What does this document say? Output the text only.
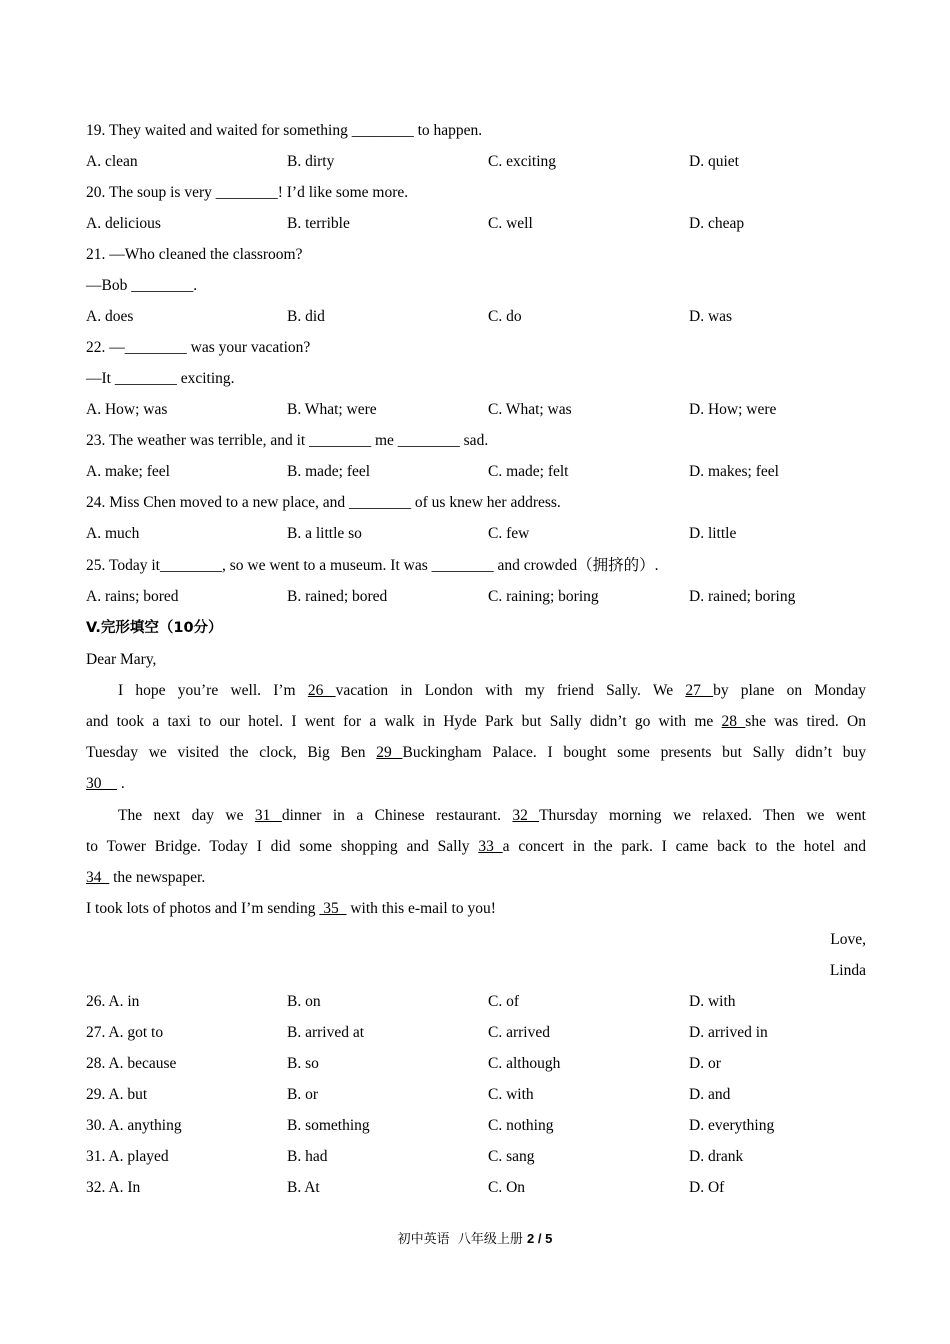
19. They waited and waited for something ________ to happen.
A. clean	B. dirty	C. exciting	D. quiet
20. The soup is very ________! I’d like some more.
A. delicious	B. terrible	C. well	D. cheap
21. —Who cleaned the classroom?
—Bob ________.
A. does	B. did	C. do	D. was
22. —________ was your vacation?
—It ________ exciting.
A. How; was	B. What; were	C. What; was	D. How; were
23. The weather was terrible, and it ________ me ________ sad.
A. make; feel	B. made; feel	C. made; felt	D. makes; feel
24. Miss Chen moved to a new place, and ________ of us knew her address.
A. much	B. a little so	C. few	D. little
25. Today it________, so we went to a museum. It was ________ and crowded（拥挤的）.
A. rains; bored	B. rained; bored	C. raining; boring	D. rained; boring
V.完形填空（10分）
Dear Mary,
I hope you’re well. I’m 26 vacation in London with my friend Sally. We 27 by plane on Monday
and took a taxi to our hotel. I went for a walk in Hyde Park but Sally didn’t go with me 28 she was tired. On
Tuesday we visited the clock, Big Ben 29 Buckingham Palace. I bought some presents but Sally didn’t buy
30     .
The next day we 31 dinner in a Chinese restaurant. 32 Thursday morning we relaxed. Then we went
to Tower Bridge. Today I did some shopping and Sally 33 a concert in the park. I came back to the hotel and
34   the newspaper.
I took lots of photos and I’m sending  35   with this e-mail to you!
Love,
Linda
26. A. in	B. on	C. of	D. with
27. A. got to	B. arrived at	C. arrived	D. arrived in
28. A. because	B. so	C. although	D. or
29. A. but	B. or	C. with	D. and
30. A. anything	B. something	C. nothing	D. everything
31. A. played	B. had	C. sang	D. drank
32. A. In	B. At	C. On	D. Of
初中英语  八年级上册 2 / 5
